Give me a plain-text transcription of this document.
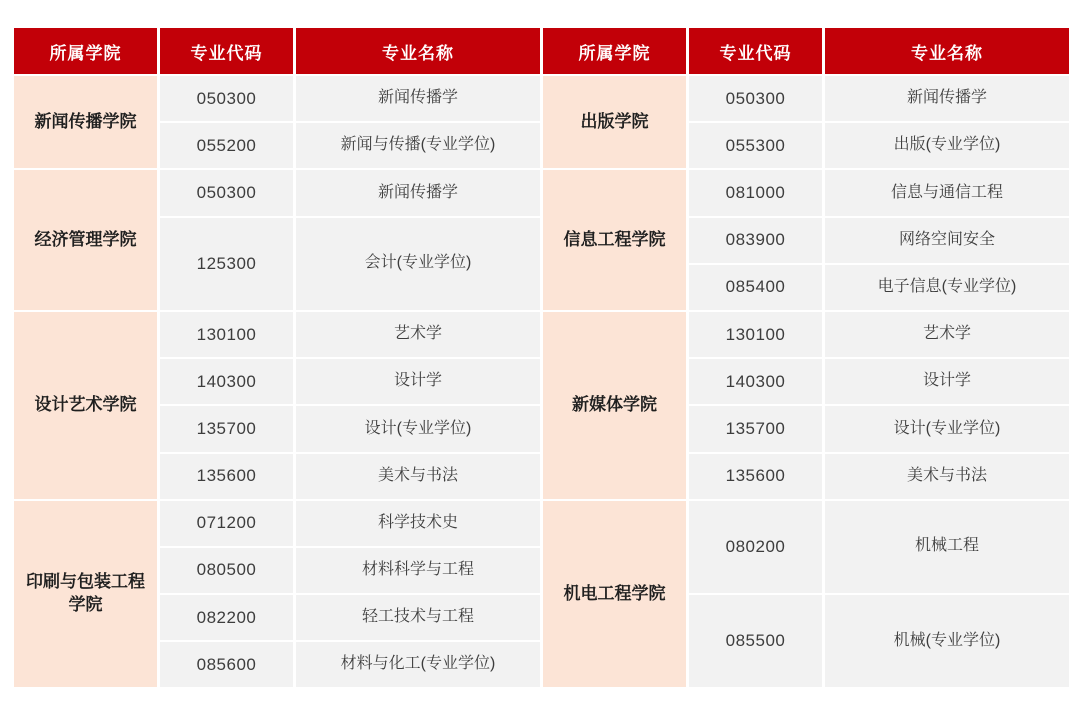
所属学院	专业代码	专业名称
新闻传播学院
050300	新闻传播学
055200	新闻与传播(专业学位)
经济管理学院
050300	新闻传播学
125300	会计(专业学位)
设计艺术学院
130100	艺术学
140300	设计学
135700	设计(专业学位)
135600	美术与书法
印刷与包装工程学院
071200	科学技术史
080500	材料科学与工程
082200	轻工技术与工程
085600	材料与化工(专业学位)
所属学院	专业代码	专业名称
出版学院
050300	新闻传播学
055300	出版(专业学位)
信息工程学院
081000	信息与通信工程
083900	网络空间安全
085400	电子信息(专业学位)
新媒体学院
130100	艺术学
140300	设计学
135700	设计(专业学位)
135600	美术与书法
机电工程学院
080200	机械工程
085500	机械(专业学位)
